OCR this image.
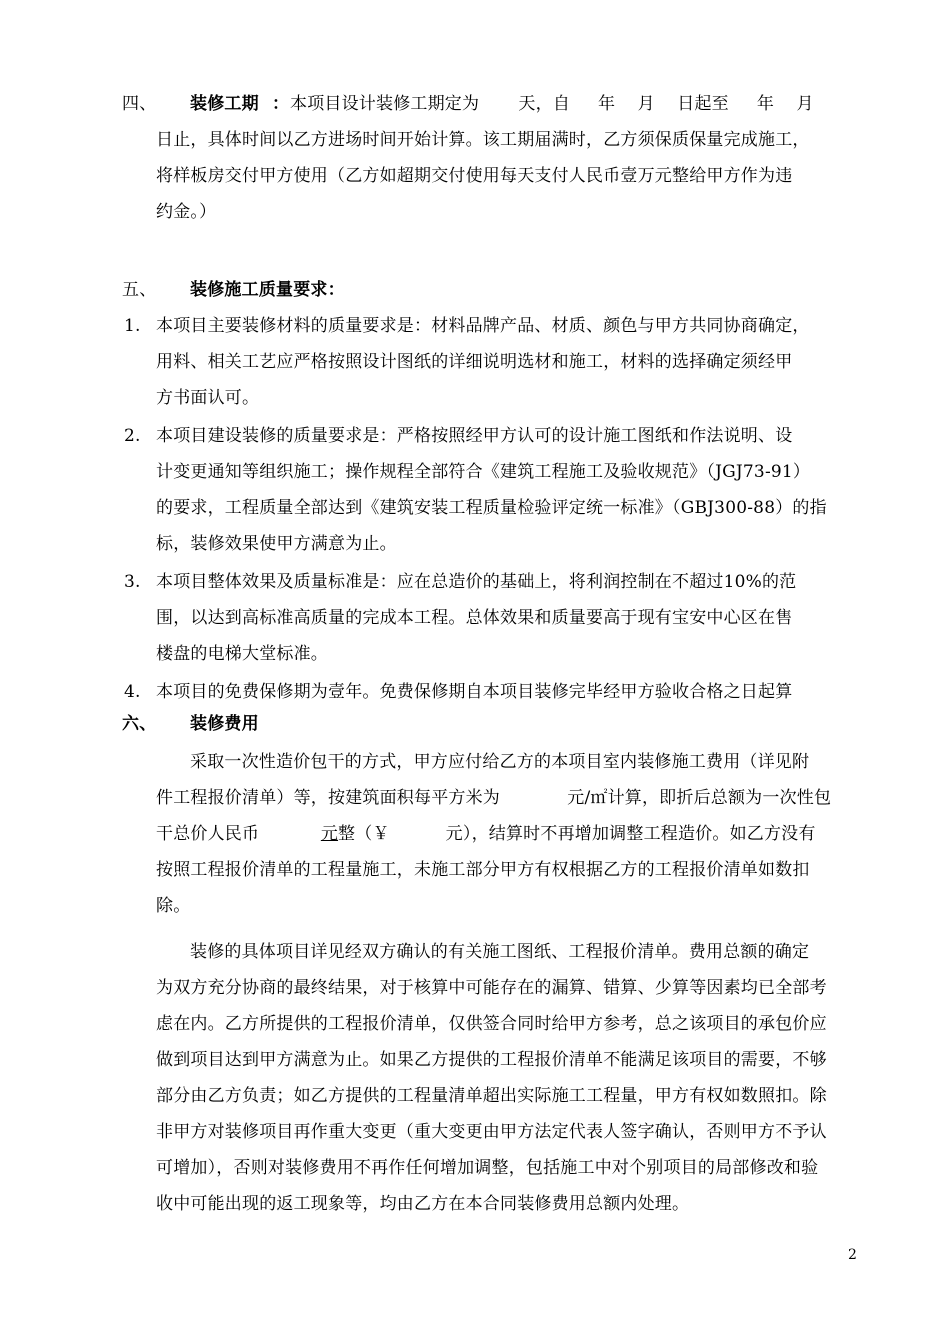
四、 装修工期 ： 本项目设计装修工期定为       天，自     年    月    日起至     年    月
日止，具体时间以乙方进场时间开始计算。该工期届满时，乙方须保质保量完成施工，
将样板房交付甲方使用（乙方如超期交付使用每天支付人民币壹万元整给甲方作为违
约金。）
五、 装修施工质量要求：
1. 本项目主要装修材料的质量要求是：材料品牌产品、材质、颜色与甲方共同协商确定，
用料、相关工艺应严格按照设计图纸的详细说明选材和施工，材料的选择确定须经甲
方书面认可。
2. 本项目建设装修的质量要求是：严格按照经甲方认可的设计施工图纸和作法说明、设
计变更通知等组织施工；操作规程全部符合《建筑工程施工及验收规范》（JGJ73-91）
的要求，工程质量全部达到《建筑安装工程质量检验评定统一标准》（GBJ300-88）的指
标，装修效果使甲方满意为止。
3. 本项目整体效果及质量标准是：应在总造价的基础上，将利润控制在不超过10%的范
围，以达到高标准高质量的完成本工程。总体效果和质量要高于现有宝安中心区在售
楼盘的电梯大堂标准。
4. 本项目的免费保修期为壹年。免费保修期自本项目装修完毕经甲方验收合格之日起算
六、 装修费用
采取一次性造价包干的方式，甲方应付给乙方的本项目室内装修施工费用（详见附
件工程报价清单）等，按建筑面积每平方米为            元/㎡计算，即折后总额为一次性包
干总价人民币           元整（￥          元），结算时不再增加调整工程造价。如乙方没有
按照工程报价清单的工程量施工，未施工部分甲方有权根据乙方的工程报价清单如数扣
除。
装修的具体项目详见经双方确认的有关施工图纸、工程报价清单。费用总额的确定
为双方充分协商的最终结果，对于核算中可能存在的漏算、错算、少算等因素均已全部考
虑在内。乙方所提供的工程报价清单，仅供签合同时给甲方参考，总之该项目的承包价应
做到项目达到甲方满意为止。如果乙方提供的工程报价清单不能满足该项目的需要，不够
部分由乙方负责；如乙方提供的工程量清单超出实际施工工程量，甲方有权如数照扣。除
非甲方对装修项目再作重大变更（重大变更由甲方法定代表人签字确认，否则甲方不予认
可增加），否则对装修费用不再作任何增加调整，包括施工中对个别项目的局部修改和验
收中可能出现的返工现象等，均由乙方在本合同装修费用总额内处理。
2
